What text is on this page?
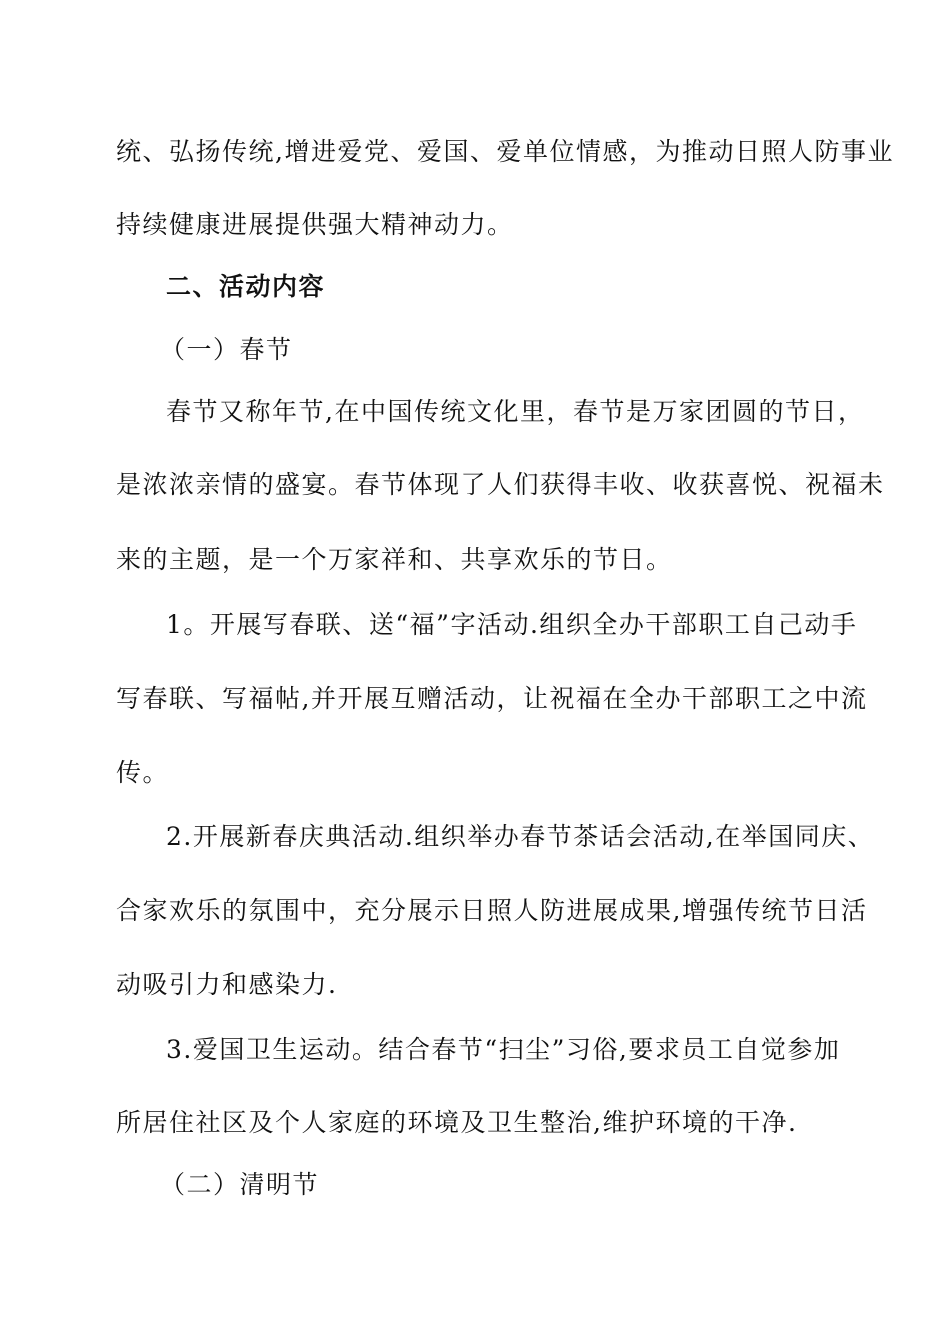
统、弘扬传统,增进爱党、爱国、爱单位情感，为推动日照人防事业
持续健康进展提供强大精神动力。
二、活动内容
（一）春节
春节又称年节,在中国传统文化里，春节是万家团圆的节日，
是浓浓亲情的盛宴。春节体现了人们获得丰收、收获喜悦、祝福未
来的主题，是一个万家祥和、共享欢乐的节日。
1。开展写春联、送“福”字活动.组织全办干部职工自己动手
写春联、写福帖,并开展互赠活动，让祝福在全办干部职工之中流
传。
2.开展新春庆典活动.组织举办春节茶话会活动,在举国同庆、
合家欢乐的氛围中，充分展示日照人防进展成果,增强传统节日活
动吸引力和感染力.
3.爱国卫生运动。结合春节“扫尘”习俗,要求员工自觉参加
所居住社区及个人家庭的环境及卫生整治,维护环境的干净.
（二）清明节
